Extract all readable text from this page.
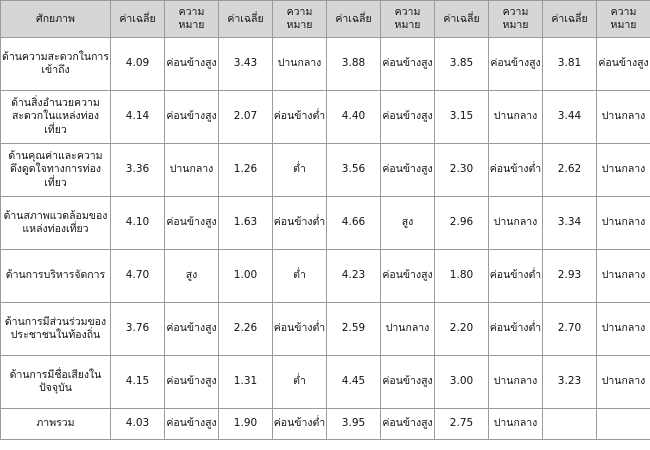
ศักยภาพ	ค่าเฉลี่ย	ความหมาย	ค่าเฉลี่ย	ความหมาย	ค่าเฉลี่ย	ความหมาย	ค่าเฉลี่ย	ความหมาย	ค่าเฉลี่ย	ความหมาย
ด้านความสะดวกในการเข้าถึง	4.09	ค่อนข้างสูง	3.43	ปานกลาง	3.88	ค่อนข้างสูง	3.85	ค่อนข้างสูง	3.81	ค่อนข้างสูง
ด้านสิ่งอำนวยความสะดวกในแหล่งท่องเที่ยว	4.14	ค่อนข้างสูง	2.07	ค่อนข้างต่ำ	4.40	ค่อนข้างสูง	3.15	ปานกลาง	3.44	ปานกลาง
ด้านคุณค่าและความดึงดูดใจทางการท่องเที่ยว	3.36	ปานกลาง	1.26	ต่ำ	3.56	ค่อนข้างสูง	2.30	ค่อนข้างต่ำ	2.62	ปานกลาง
ด้านสภาพแวดล้อมของแหล่งท่องเที่ยว	4.10	ค่อนข้างสูง	1.63	ค่อนข้างต่ำ	4.66	สูง	2.96	ปานกลาง	3.34	ปานกลาง
ด้านการบริหารจัดการ	4.70	สูง	1.00	ต่ำ	4.23	ค่อนข้างสูง	1.80	ค่อนข้างต่ำ	2.93	ปานกลาง
ด้านการมีส่วนร่วมของประชาชนในท้องถิ่น	3.76	ค่อนข้างสูง	2.26	ค่อนข้างต่ำ	2.59	ปานกลาง	2.20	ค่อนข้างต่ำ	2.70	ปานกลาง
ด้านการมีชื่อเสียงในปัจจุบัน	4.15	ค่อนข้างสูง	1.31	ต่ำ	4.45	ค่อนข้างสูง	3.00	ปานกลาง	3.23	ปานกลาง
ภาพรวม	4.03	ค่อนข้างสูง	1.90	ค่อนข้างต่ำ	3.95	ค่อนข้างสูง	2.75	ปานกลาง		
